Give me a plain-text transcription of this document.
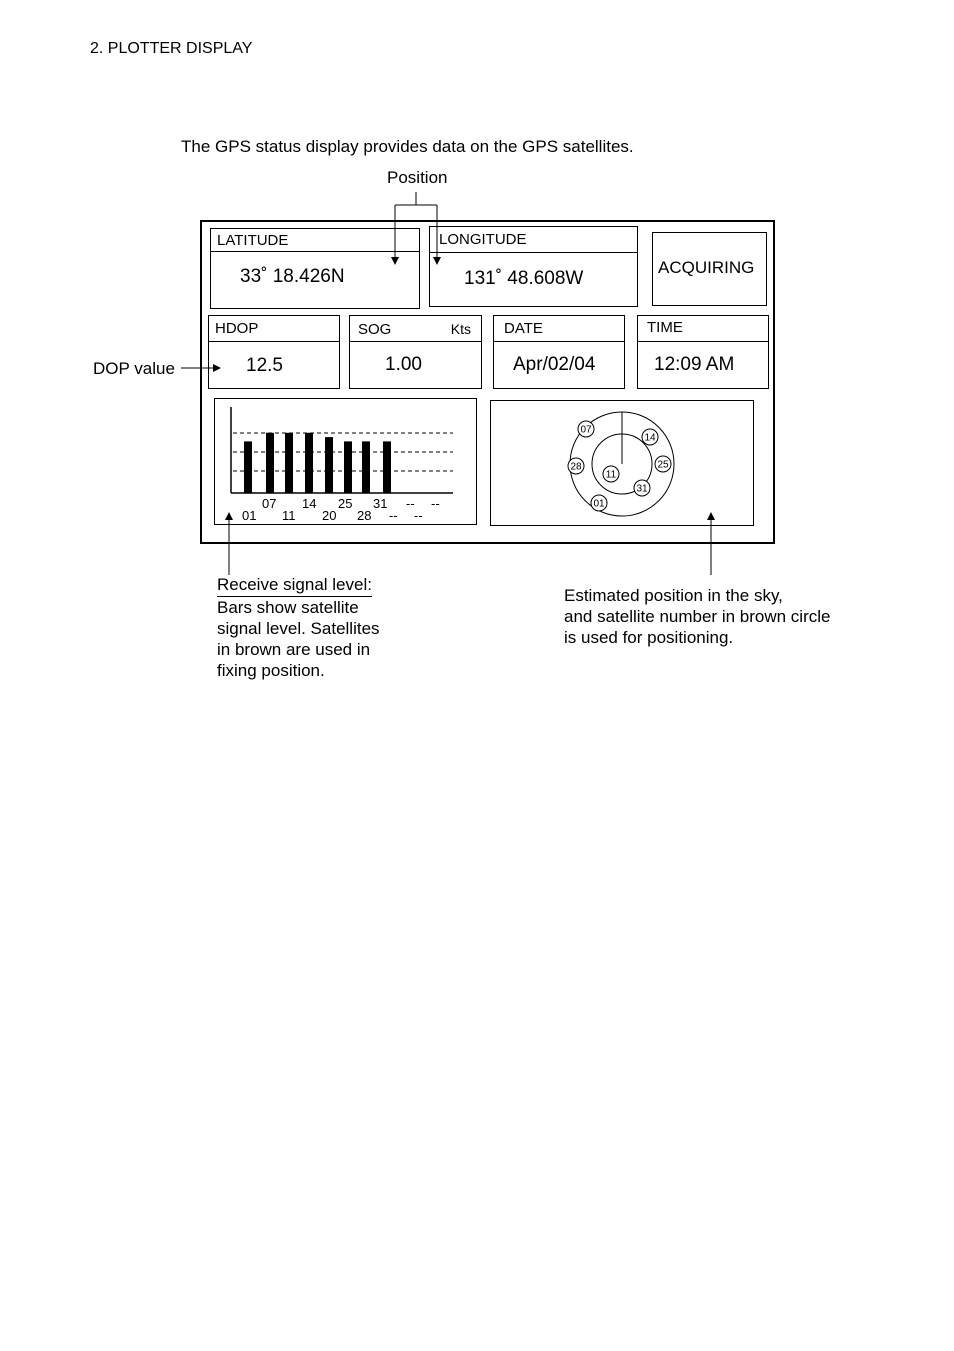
2. PLOTTER DISPLAY
The GPS status display provides data on the GPS satellites.
Position
DOP value
LATITUDE
33˚ 18.426N
LONGITUDE
131˚ 48.608W
ACQUIRING
HDOP
12.5
SOG	Kts
1.00
DATE
Apr/02/04
TIME
12:09 AM
07 14 25 31 -- --
01 11 20 28 -- --
07
14
28
11
25
31
01
Receive signal level:
Bars show satellite
signal level. Satellites
in brown are used in
fixing position.
Estimated position in the sky,
and satellite number in brown circle
is used for positioning.
